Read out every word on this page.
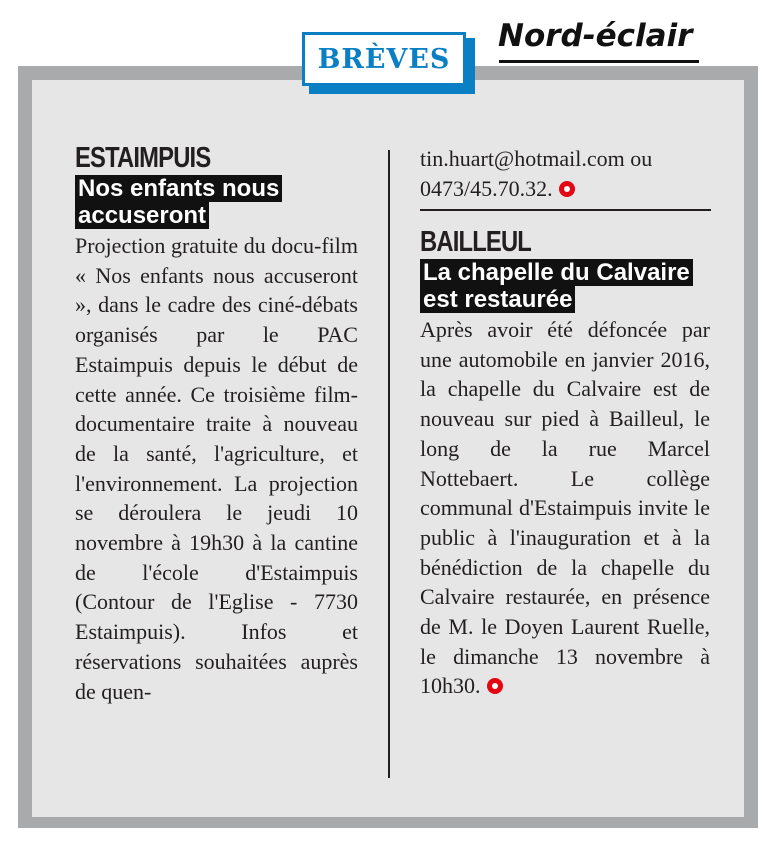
BRÈVES
Nord-éclair
ESTAIMPUIS
Nos enfants nous accuseront
Projection gratuite du docu-film « Nos enfants nous accuseront », dans le cadre des ciné-débats organisés par le PAC Estaimpuis depuis le début de cette année. Ce troisième film-documentaire traite à nouveau de la santé, l'agriculture, et l'environnement. La projection se déroulera le jeudi 10 novembre à 19h30 à la cantine de l'école d'Estaimpuis (Contour de l'Eglise - 7730 Estaimpuis). Infos et réservations souhaitées auprès de quen-
tin.huart@hotmail.com ou 0473/45.70.32.
BAILLEUL
La chapelle du Calvaire est restaurée
Après avoir été défoncée par une automobile en janvier 2016, la chapelle du Calvaire est de nouveau sur pied à Bailleul, le long de la rue Marcel Nottebaert. Le collège communal d'Estaimpuis invite le public à l'inauguration et à la bénédiction de la chapelle du Calvaire restaurée, en présence de M. le Doyen Laurent Ruelle, le dimanche 13 novembre à 10h30.
